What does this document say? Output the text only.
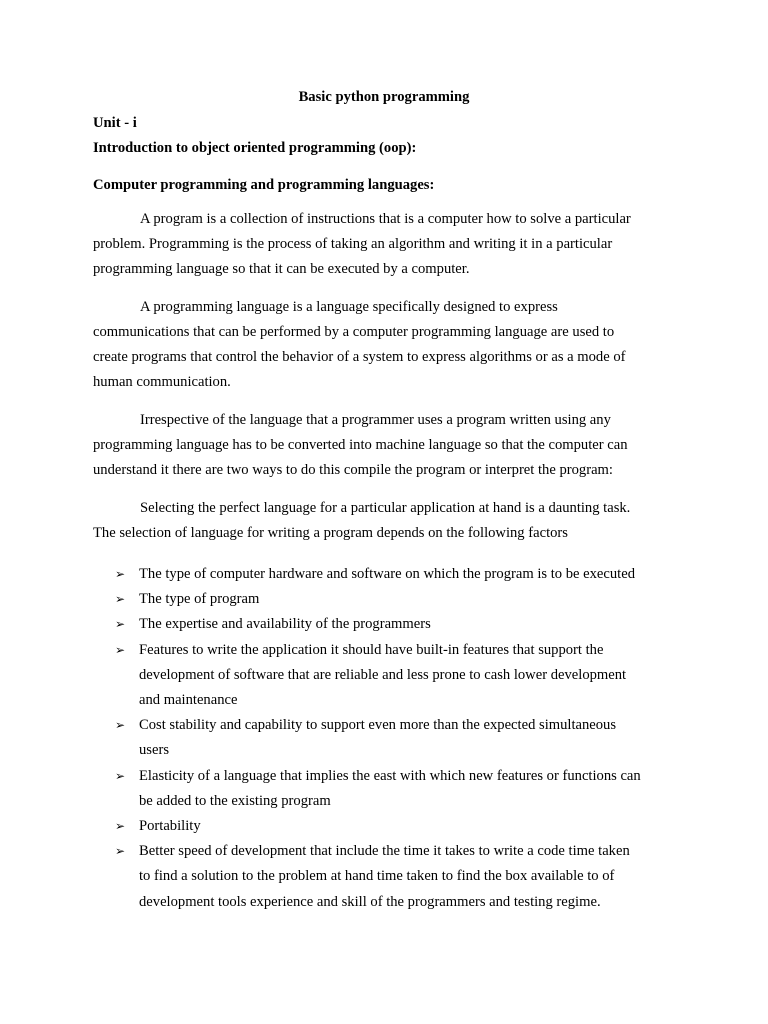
Basic python programming
Unit - i
Introduction to object oriented programming (oop):
Computer programming and programming languages:
A program is a collection of instructions that is a computer how to solve a particular
problem. Programming is the process of taking an algorithm and writing it in a particular
programming language so that it can be executed by a computer.
A programming language is a language specifically designed to express
communications that can be performed by a computer programming language are used to
create programs that control the behavior of a system to express algorithms or as a mode of
human communication.
Irrespective of the language that a programmer uses a program written using any
programming language has to be converted into machine language so that the computer can
understand it there are two ways to do this compile the program or interpret the program:
Selecting the perfect language for a particular application at hand is a daunting task.
The selection of language for writing a program depends on the following factors
➢ The type of computer hardware and software on which the program is to be executed
➢ The type of program
➢ The expertise and availability of the programmers
➢ Features to write the application it should have built-in features that support the
development of software that are reliable and less prone to cash lower development
and maintenance
➢ Cost stability and capability to support even more than the expected simultaneous
users
➢ Elasticity of a language that implies the east with which new features or functions can
be added to the existing program
➢ Portability
➢ Better speed of development that include the time it takes to write a code time taken
to find a solution to the problem at hand time taken to find the box available to of
development tools experience and skill of the programmers and testing regime.
